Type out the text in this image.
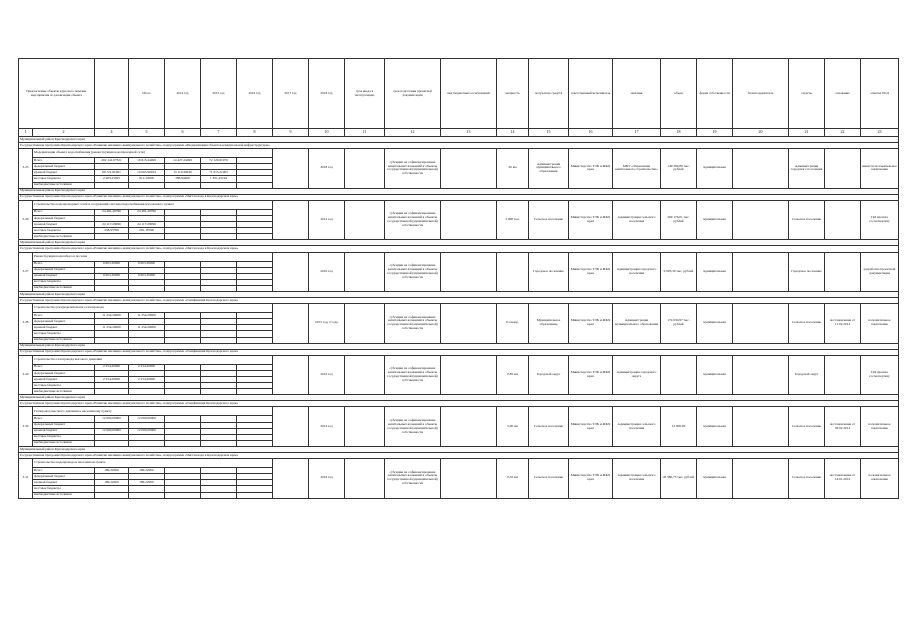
Предлагаемые объекты адресного перечня, мероприятия по реализации объекта			Итого	2014 год	2015 год	2016 год	2017 год	2018 год	срок ввода в эксплуатацию	срок подготовки проектной документации	вид бюджетных ассигнований	мощность	получатель средств	ответственный исполнитель	заказчик	объем	форма собственности	балансодержатель	отрасль	основание	отметка ПСД
1	2	4	5	6	7	8	9	10	11	12	13	14	15	16	17	18	19	20	21	22	23
Муниципальный район Краснодарского края																					
Государственная программа Краснодарского края «Развитие жилищно-коммунального хозяйства», подпрограмма «Модернизация объектов коммунальной инфраструктуры»																					
3.25	Модернизация объекта водоснабжения (реконструкция водопроводной сети)							2018 год		субсидии на софинансирование капитальных вложений в объекты государственной (муниципальной) собственности		20 км	Администрация муниципального образования	Министерство ТЭК и ЖКХ края	МКУ «Управление капитального строительства»	149 284,89 тыс. рублей	муниципальная		Администрация городского поселения		имеется положительное заключение
	Всего	202 141,07321	10 615,24499	14 427,24499	72 129,61979																
	федеральный бюджет																				
	краевой бюджет	99 721,81091	10 003,90934	13 110,40930	71 613,21905																
	местные бюджеты	2 483,25025	611,34566	386,94266	1 301,45194																
	внебюджетные источники																				
Муниципальный район Краснодарского края																					
Государственная программа Краснодарского края «Развитие жилищно-коммунального хозяйства», подпрограмма «Чистая вода в Краснодарском крае»																					
3.26	Строительство водопроводных сетей и сооружений системы водоснабжения населенного пункта							2014 год		субсидии на софинансирование капитальных вложений в объекты государственной (муниципальной) собственности		3 000 п.м.	Сельское поселение	Министерство ТЭК и ЖКХ края	Администрация сельского поселения	260 176,01 тыс. рублей	муниципальная		Сельское поселение		ПД прошла госэкспертизу
	Всего	24 481,29796	24 481,29796																		
	федеральный бюджет																				
	краевой бюджет	24 117,29099	24 117,29099																		
	местные бюджеты	258,93796	281,18796																		
	внебюджетные источники																				
Муниципальный район Краснодарского края																					
Государственная программа Краснодарского края «Развитие жилищно-коммунального хозяйства», подпрограмма «Чистая вода в Краснодарском крае»																					
3.27	Реконструкция водозабора в поселке							2016 год		субсидии на софинансирование капитальных вложений в объекты государственной (муниципальной) собственности			Городское поселение	Министерство ТЭК и ЖКХ края	Администрация городского поселения	9 603,30 тыс. рублей	муниципальная		Городское поселение		разработка проектной документации
	Всего	9 603,30000	9 603,30000																		
	федеральный бюджет																				
	краевой бюджет	9 603,30000	9 603,30000																		
	местные бюджеты																				
	внебюджетные источники																				
Муниципальный район Краснодарского края																					
Государственная программа Краснодарского края «Развитие жилищно-коммунального хозяйства», подпрограмма «Газификация Краснодарского края»																					
3.28	Строительство распределительного газопровода							2015 год, 2 года		субсидии на софинансирование капитальных вложений в объекты государственной (муниципальной) собственности		6 газопр.	Муниципальное образование	Министерство ТЭК и ЖКХ края	Администрация муниципального образования	174 030,97 тыс. рублей	муниципальная		Сельское поселение	постановление от 11.02.2014	положительное заключение
	Всего	11 254,20000	11 254,20000																		
	федеральный бюджет																				
	краевой бюджет	11 254,20000	11 254,20000																		
	местные бюджеты																				
	внебюджетные источники																				
Муниципальный район Краснодарского края																					
Государственная программа Краснодарского края «Развитие жилищно-коммунального хозяйства», подпрограмма «Газификация Краснодарского края»																					
3.29	Строительство газопровода высокого давления							2016 год		субсидии на софинансирование капитальных вложений в объекты государственной (муниципальной) собственности		0,85 км	Городской округ	Министерство ТЭК и ЖКХ края	Администрация городского округа		муниципальная		Городской округ		ПД прошла госэкспертизу
	Всего	2 254,20000	2 254,20000																		
	федеральный бюджет																				
	краевой бюджет	2 254,20000	2 254,20000																		
	местные бюджеты																				
	внебюджетные источники																				
Муниципальный район Краснодарского края																					
Государственная программа Краснодарского края «Развитие жилищно-коммунального хозяйства», подпрограмма «Газификация Краснодарского края»																					
3.30	Газопровод высокого давления к населенному пункту							2014 год		субсидии на софинансирование капитальных вложений в объекты государственной (муниципальной) собственности		5,90 км	Сельское поселение	Министерство ТЭК и ЖКХ края	Администрация сельского поселения	12 000,00	муниципальная		Сельское поселение	постановление от 03.02.2014	положительное заключение
	Всего	12 000,00000	12 000,00000																		
	федеральный бюджет																				
	краевой бюджет	12 000,00000	12 000,00000																		
	местные бюджеты																				
	внебюджетные источники																				
Муниципальный район Краснодарского края																					
Государственная программа Краснодарского края «Развитие жилищно-коммунального хозяйства», подпрограмма «Чистая вода в Краснодарском крае»																					
3.31	Строительство водопровода в населенном пункте							2016 год		субсидии на софинансирование капитальных вложений в объекты государственной (муниципальной) собственности		0,35 км	Сельское поселение	Министерство ТЭК и ЖКХ края	Администрация сельского поселения	42 380,75 тыс. рублей	муниципальная		Сельское поселение	постановление от 14.01.2014	положительное заключение
	Всего	189,22000	189,22000																		
	федеральный бюджет																				
	краевой бюджет	189,22000	189,22000																		
	местные бюджеты																				
	внебюджетные источники																				
